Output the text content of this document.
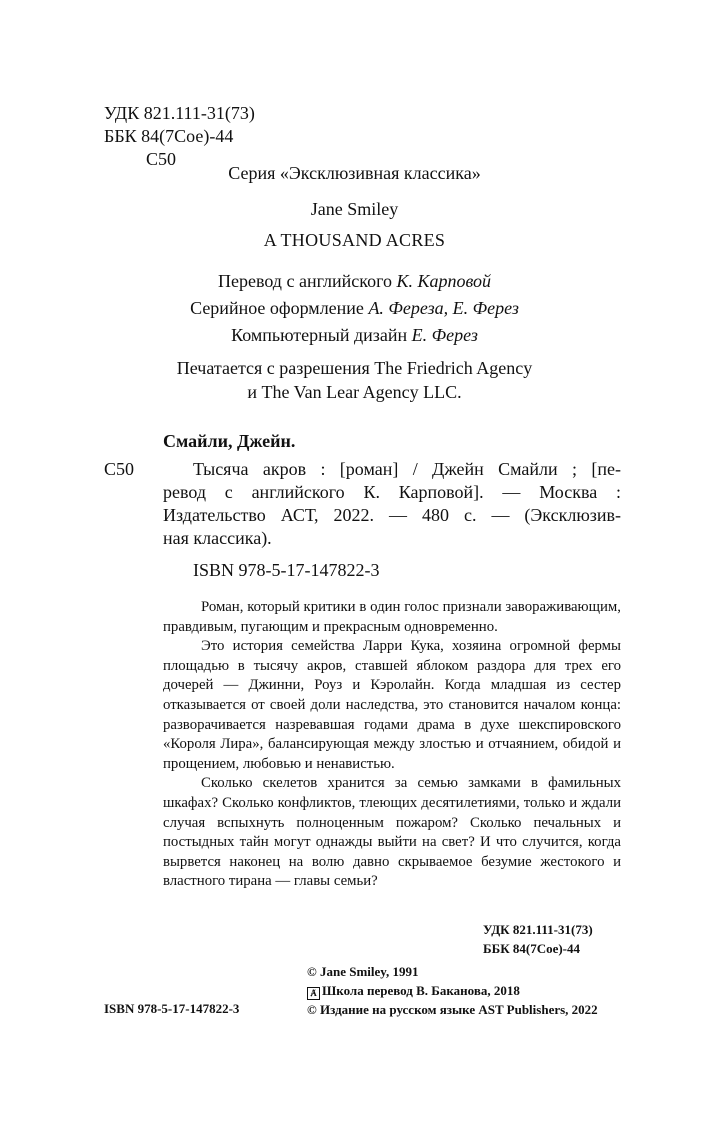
УДК 821.111-31(73)
ББК 84(7Сое)-44
С50
Серия «Эксклюзивная классика»
Jane Smiley
A THOUSAND ACRES
Перевод с английского К. Карповой
Серийное оформление А. Фереза, Е. Ферез
Компьютерный дизайн Е. Ферез
Печатается с разрешения The Friedrich Agency
и The Van Lear Agency LLC.
Смайли, Джейн.
С50	Тысяча акров : [роман] / Джейн Смайли ; [пе-
ревод с английского К. Карповой]. — Москва :
Издательство АСТ, 2022. — 480 с. — (Эксклюзив-
ная классика).
ISBN 978-5-17-147822-3

Роман, который критики в один голос признали завораживающим, правдивым, пугающим и прекрасным одновременно.

Это история семейства Ларри Кука, хозяина огромной фермы площадью в тысячу акров, ставшей яблоком раздора для трех его дочерей — Джинни, Роуз и Кэролайн. Когда младшая из сестер отказывается от своей доли наследства, это становится началом конца: разворачивается назревавшая годами драма в духе шекспировского «Короля Лира», балансирующая между злостью и отчаянием, обидой и прощением, любовью и ненавистью.

Сколько скелетов хранится за семью замками в фамильных шкафах? Сколько конфликтов, тлеющих десятилетиями, только и ждали случая вспыхнуть полноценным пожаром? Сколько печальных и постыдных тайн могут однажды выйти на свет? И что случится, когда вырвется наконец на волю давно скрываемое безумие жестокого и властного тирана — главы семьи?

УДК 821.111-31(73)
ББК 84(7Сое)-44
© Jane Smiley, 1991
Ⱥ Школа перевод В. Баканова, 2018
© Издание на русском языке AST Publishers, 2022
ISBN 978-5-17-147822-3
